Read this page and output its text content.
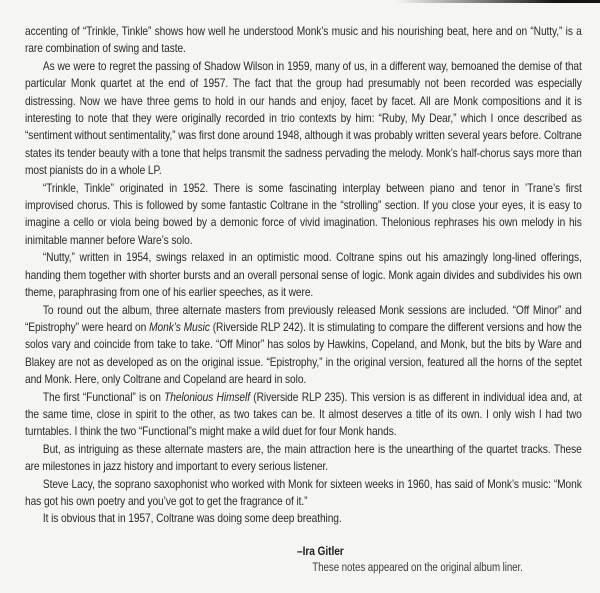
accenting of “Trinkle, Tinkle” shows how well he understood Monk’s music and his nourishing beat, here and on “Nutty,” is a rare combination of swing and taste.

As we were to regret the passing of Shadow Wilson in 1959, many of us, in a different way, bemoaned the demise of that particular Monk quartet at the end of 1957. The fact that the group had presumably not been recorded was especially distressing. Now we have three gems to hold in our hands and enjoy, facet by facet. All are Monk compositions and it is interesting to note that they were originally recorded in trio contexts by him: “Ruby, My Dear,” which I once described as “sentiment without sentimentality,” was first done around 1948, although it was probably written several years before. Coltrane states its tender beauty with a tone that helps transmit the sadness pervading the melody. Monk’s half-chorus says more than most pianists do in a whole LP.

“Trinkle, Tinkle” originated in 1952. There is some fascinating interplay between piano and tenor in ’Trane’s first improvised chorus. This is followed by some fantastic Coltrane in the “strolling” section. If you close your eyes, it is easy to imagine a cello or viola being bowed by a demonic force of vivid imagination. Thelonious rephrases his own melody in his inimitable manner before Ware’s solo.

“Nutty,” written in 1954, swings relaxed in an optimistic mood. Coltrane spins out his amazingly long-lined offerings, handing them together with shorter bursts and an overall personal sense of logic. Monk again divides and subdivides his own theme, paraphrasing from one of his earlier speeches, as it were.

To round out the album, three alternate masters from previously released Monk sessions are included. “Off Minor” and “Epistrophy” were heard on Monk’s Music (Riverside RLP 242). It is stimulating to compare the different versions and how the solos vary and coincide from take to take. “Off Minor” has solos by Hawkins, Copeland, and Monk, but the bits by Ware and Blakey are not as developed as on the original issue. “Epistrophy,” in the original version, featured all the horns of the septet and Monk. Here, only Coltrane and Copeland are heard in solo.

The first “Functional” is on Thelonious Himself (Riverside RLP 235). This version is as different in individual idea and, at the same time, close in spirit to the other, as two takes can be. It almost deserves a title of its own. I only wish I had two turntables. I think the two “Functional”s might make a wild duet for four Monk hands.

But, as intriguing as these alternate masters are, the main attraction here is the unearthing of the quartet tracks. These are milestones in jazz history and important to every serious listener.

Steve Lacy, the soprano saxophonist who worked with Monk for sixteen weeks in 1960, has said of Monk’s music: “Monk has got his own poetry and you’ve got to get the fragrance of it.”

It is obvious that in 1957, Coltrane was doing some deep breathing.

–Ira Gitler
These notes appeared on the original album liner.
